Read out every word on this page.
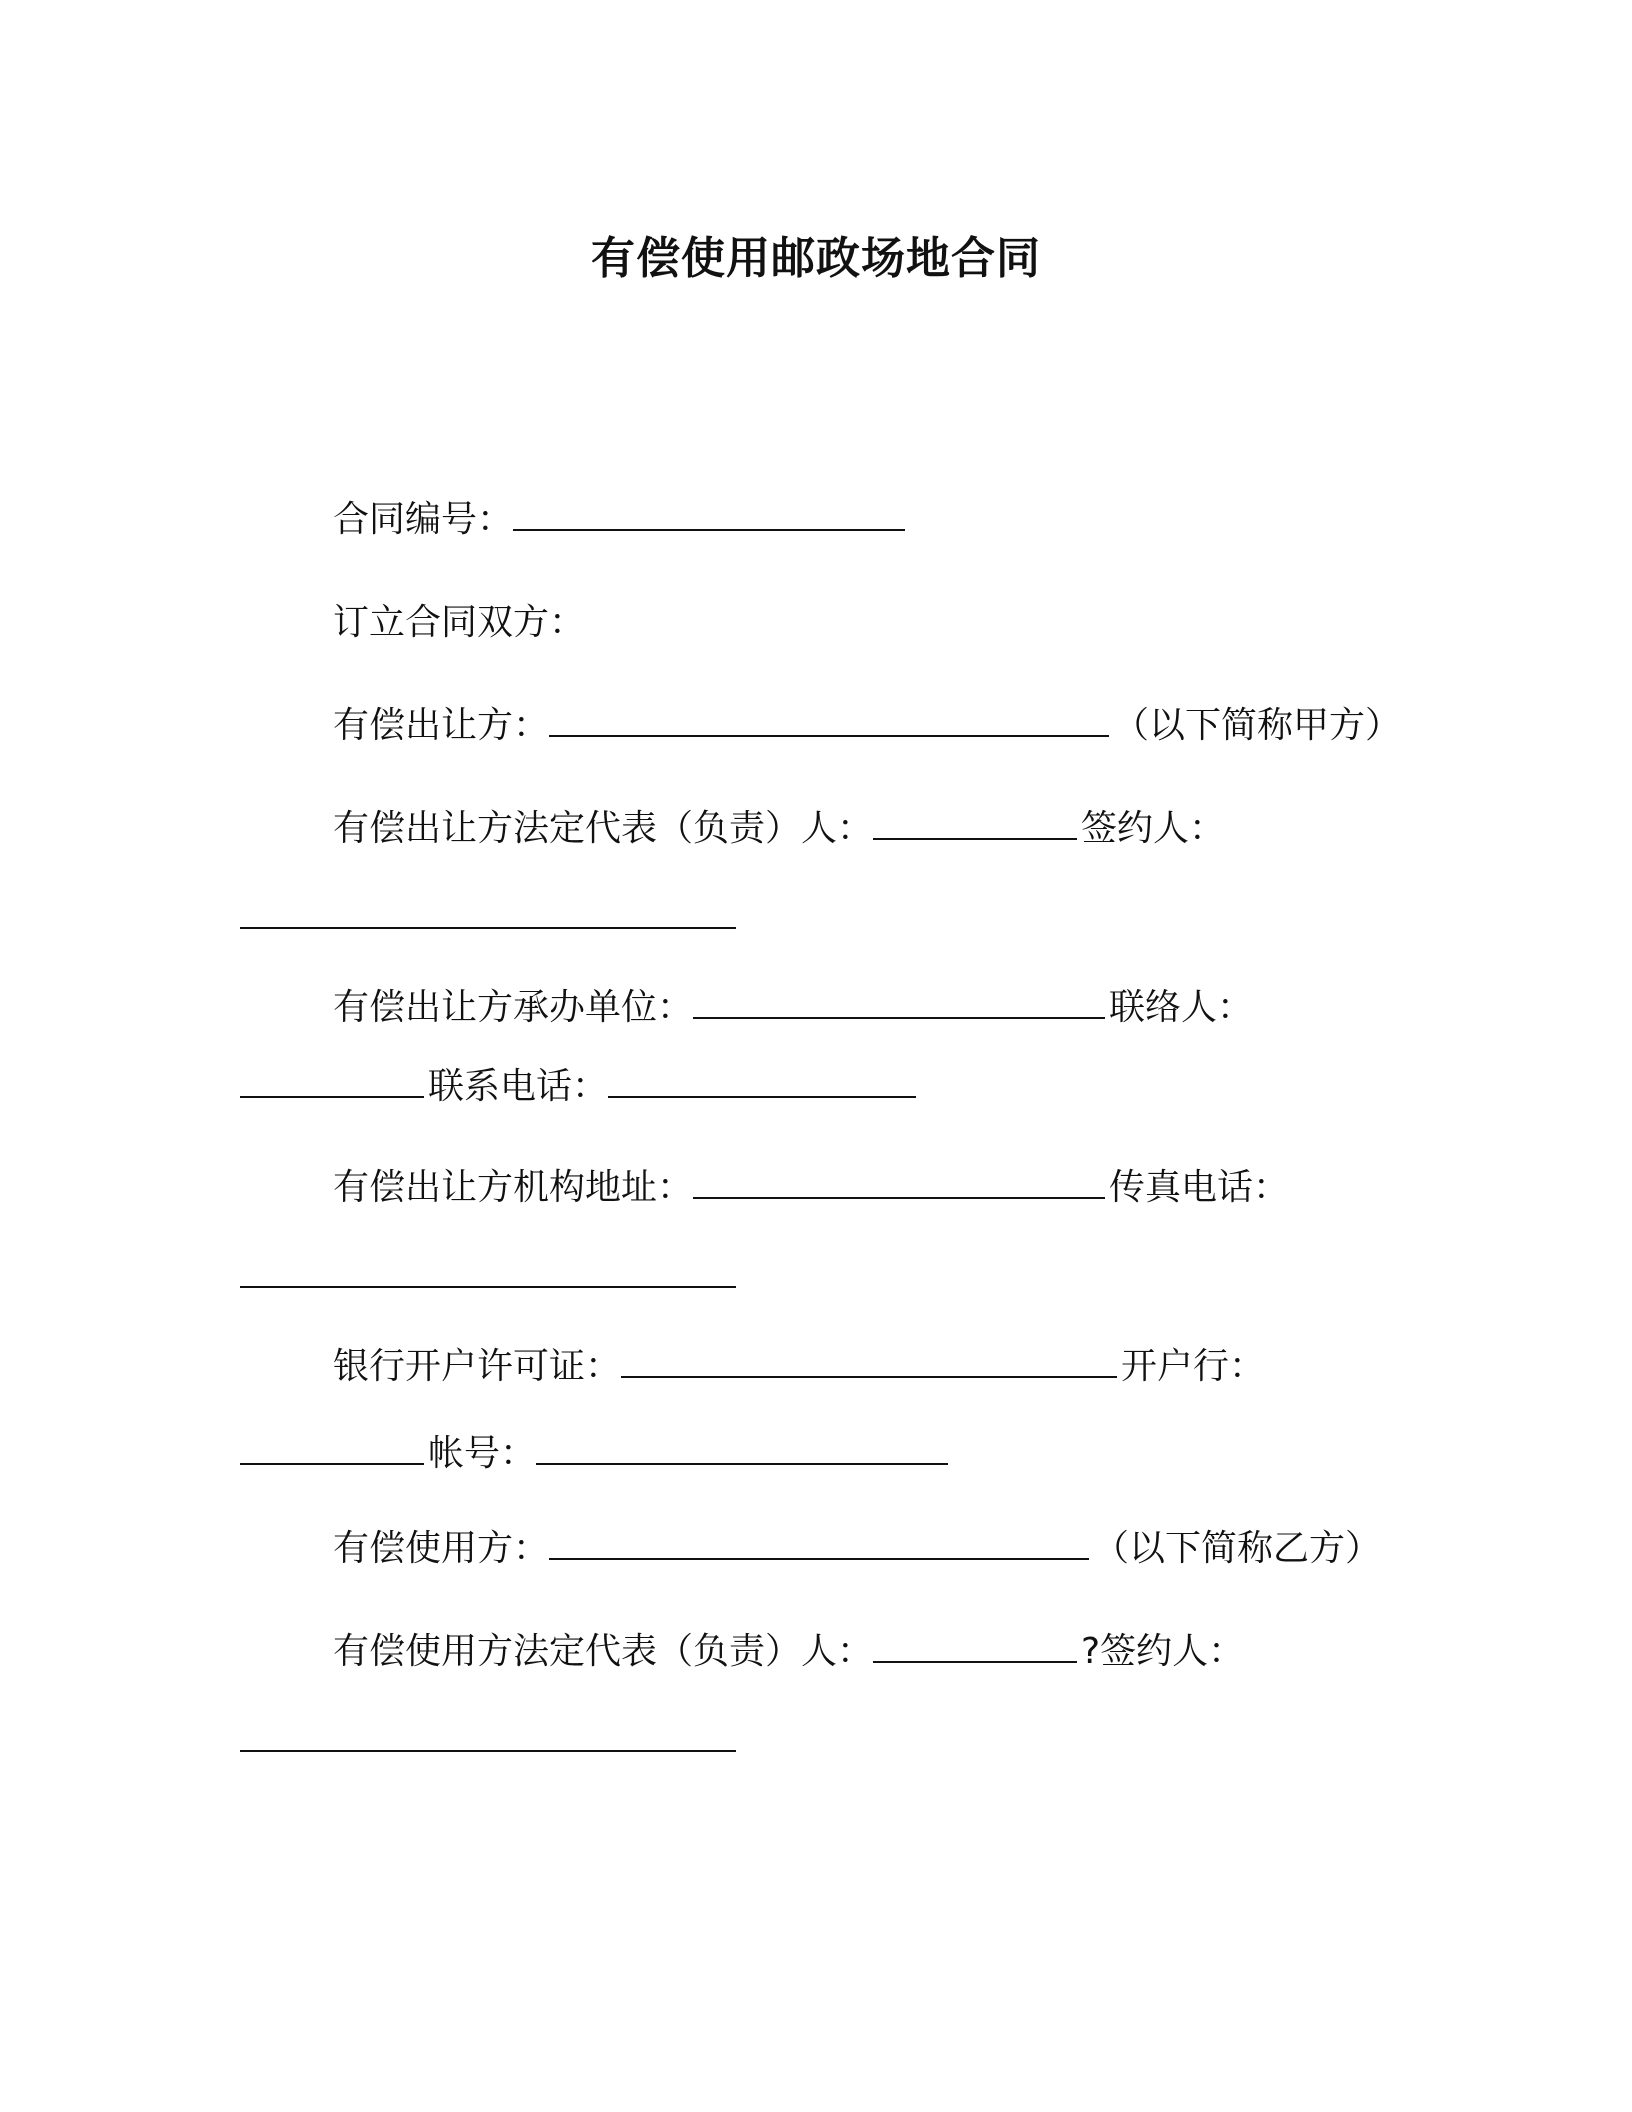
有偿使用邮政场地合同
合同编号：
订立合同双方：
有偿出让方：	（以下简称甲方）
有偿出让方法定代表（负责）人：	签约人：
有偿出让方承办单位：	联络人：
联系电话：
有偿出让方机构地址：	传真电话：
银行开户许可证：	开户行：
帐号：
有偿使用方：	（以下简称乙方）
有偿使用方法定代表（负责）人：	?签约人：
